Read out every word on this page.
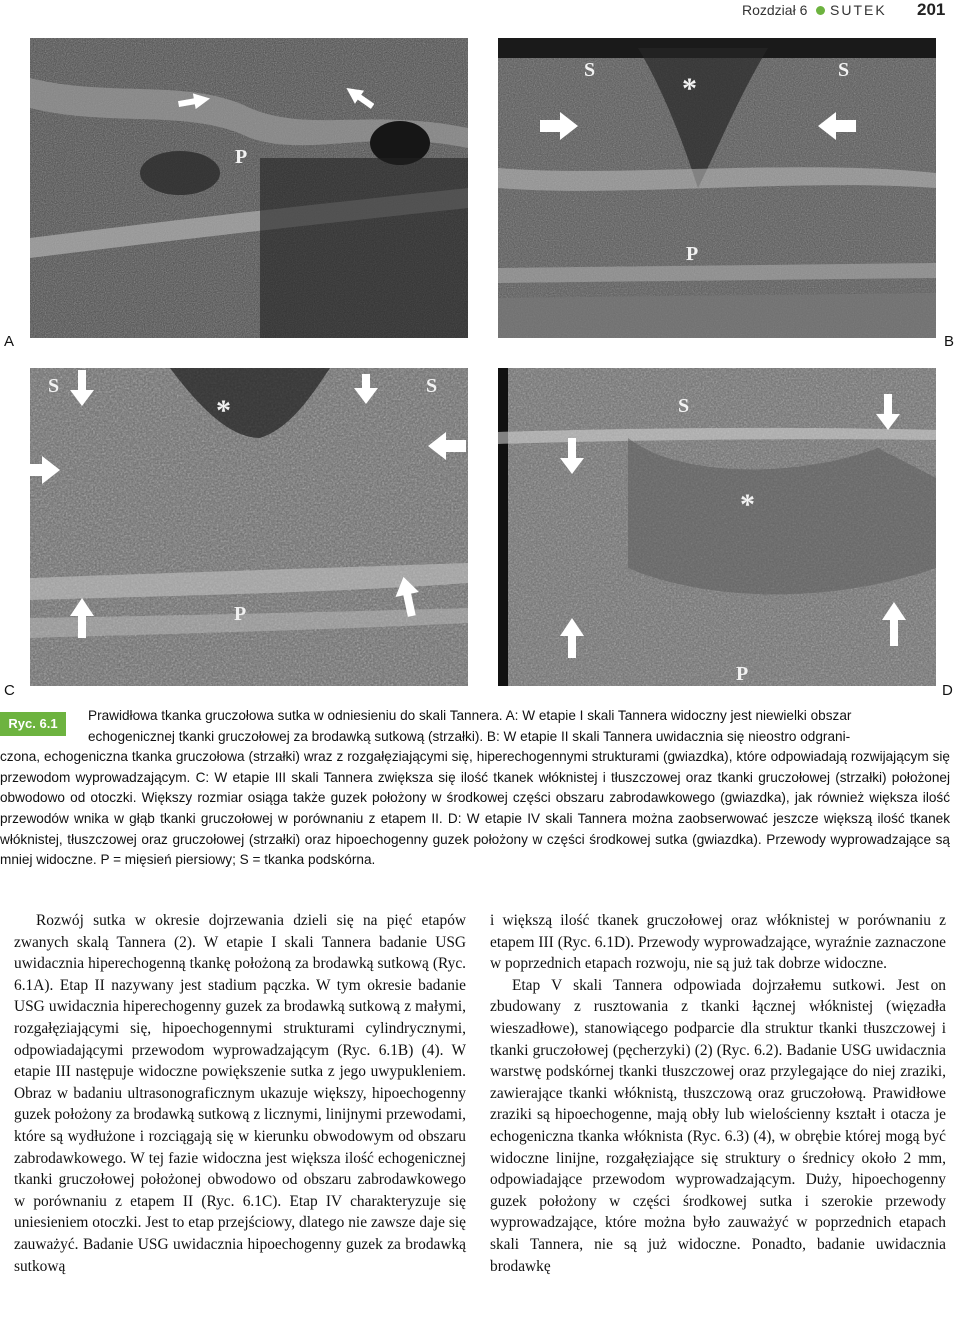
Rozdział 6 SUTEK 201
P
A
S	S
*
P
B
S	S
*
P
C
S
*
P
D
Ryc. 6.1
Prawidłowa tkanka gruczołowa sutka w odniesieniu do skali Tannera. A: W etapie I skali Tannera widoczny jest niewielki obszar
echogenicznej tkanki gruczołowej za brodawką sutkową (strzałki). B: W etapie II skali Tannera uwidacznia się nieostro odgrani-
czona, echogeniczna tkanka gruczołowa (strzałki) wraz z rozgałęziającymi się, hiperechogennymi strukturami (gwiazdka), które odpowiadają rozwijającym się przewodom wyprowadzającym. C: W etapie III skali Tannera zwiększa się ilość tkanek włóknistej i tłuszczowej oraz tkanki gruczołowej (strzałki) położonej obwodowo od otoczki. Większy rozmiar osiąga także guzek położony w środkowej części obszaru zabrodawkowego (gwiazdka), jak również większa ilość przewodów wnika w głąb tkanki gruczołowej w porównaniu z etapem II. D: W etapie IV skali Tannera można zaobserwować jeszcze większą ilość tkanek włóknistej, tłuszczowej oraz gruczołowej (strzałki) oraz hipoechogenny guzek położony w części środkowej sutka (gwiazdka). Przewody wyprowadzające są mniej widoczne. P = mięsień piersiowy; S = tkanka podskórna.

Rozwój sutka w okresie dojrzewania dzieli się na pięć etapów zwanych skalą Tannera (2). W etapie I skali Tannera badanie USG uwidacznia hiperechogenną tkankę położoną za brodawką sutkową (Ryc. 6.1A). Etap II nazywany jest stadium pączka. W tym okresie badanie USG uwidacznia hiperechogenny guzek za brodawką sutkową z małymi, rozgałęziającymi się, hipoechogennymi strukturami cylindrycznymi, odpowiadającymi przewodom wyprowadzającym (Ryc. 6.1B) (4). W etapie III następuje widoczne powiększenie sutka z jego uwypukleniem. Obraz w badaniu ultrasonograficznym ukazuje większy, hipoechogenny guzek położony za brodawką sutkową z licznymi, linijnymi przewodami, które są wydłużone i rozciągają się w kierunku obwodowym od obszaru zabrodawkowego. W tej fazie widoczna jest większa ilość echogenicznej tkanki gruczołowej położonej obwodowo od obszaru zabrodawkowego w porównaniu z etapem II (Ryc. 6.1C). Etap IV charakteryzuje się uniesieniem otoczki. Jest to etap przejściowy, dlatego nie zawsze daje się zauważyć. Badanie USG uwidacznia hipoechogenny guzek za brodawką sutkową

i większą ilość tkanek gruczołowej oraz włóknistej w porównaniu z etapem III (Ryc. 6.1D). Przewody wyprowadzające, wyraźnie zaznaczone w poprzednich etapach rozwoju, nie są już tak dobrze widoczne.

Etap V skali Tannera odpowiada dojrzałemu sutkowi. Jest on zbudowany z rusztowania z tkanki łącznej włóknistej (więzadła wieszadłowe), stanowiącego podparcie dla struktur tkanki tłuszczowej i tkanki gruczołowej (pęcherzyki) (2) (Ryc. 6.2). Badanie USG uwidacznia warstwę podskórnej tkanki tłuszczowej oraz przylegające do niej zraziki, zawierające tkanki włóknistą, tłuszczową oraz gruczołową. Prawidłowe zraziki są hipoechogenne, mają obły lub wielościenny kształt i otacza je echogeniczna tkanka włóknista (Ryc. 6.3) (4), w obrębie której mogą być widoczne linijne, rozgałęziające się struktury o średnicy około 2 mm, odpowiadające przewodom wyprowadzającym. Duży, hipoechogenny guzek położony w części środkowej sutka i szerokie przewody wyprowadzające, które można było zauważyć w poprzednich etapach skali Tannera, nie są już widoczne. Ponadto, badanie uwidacznia brodawkę
